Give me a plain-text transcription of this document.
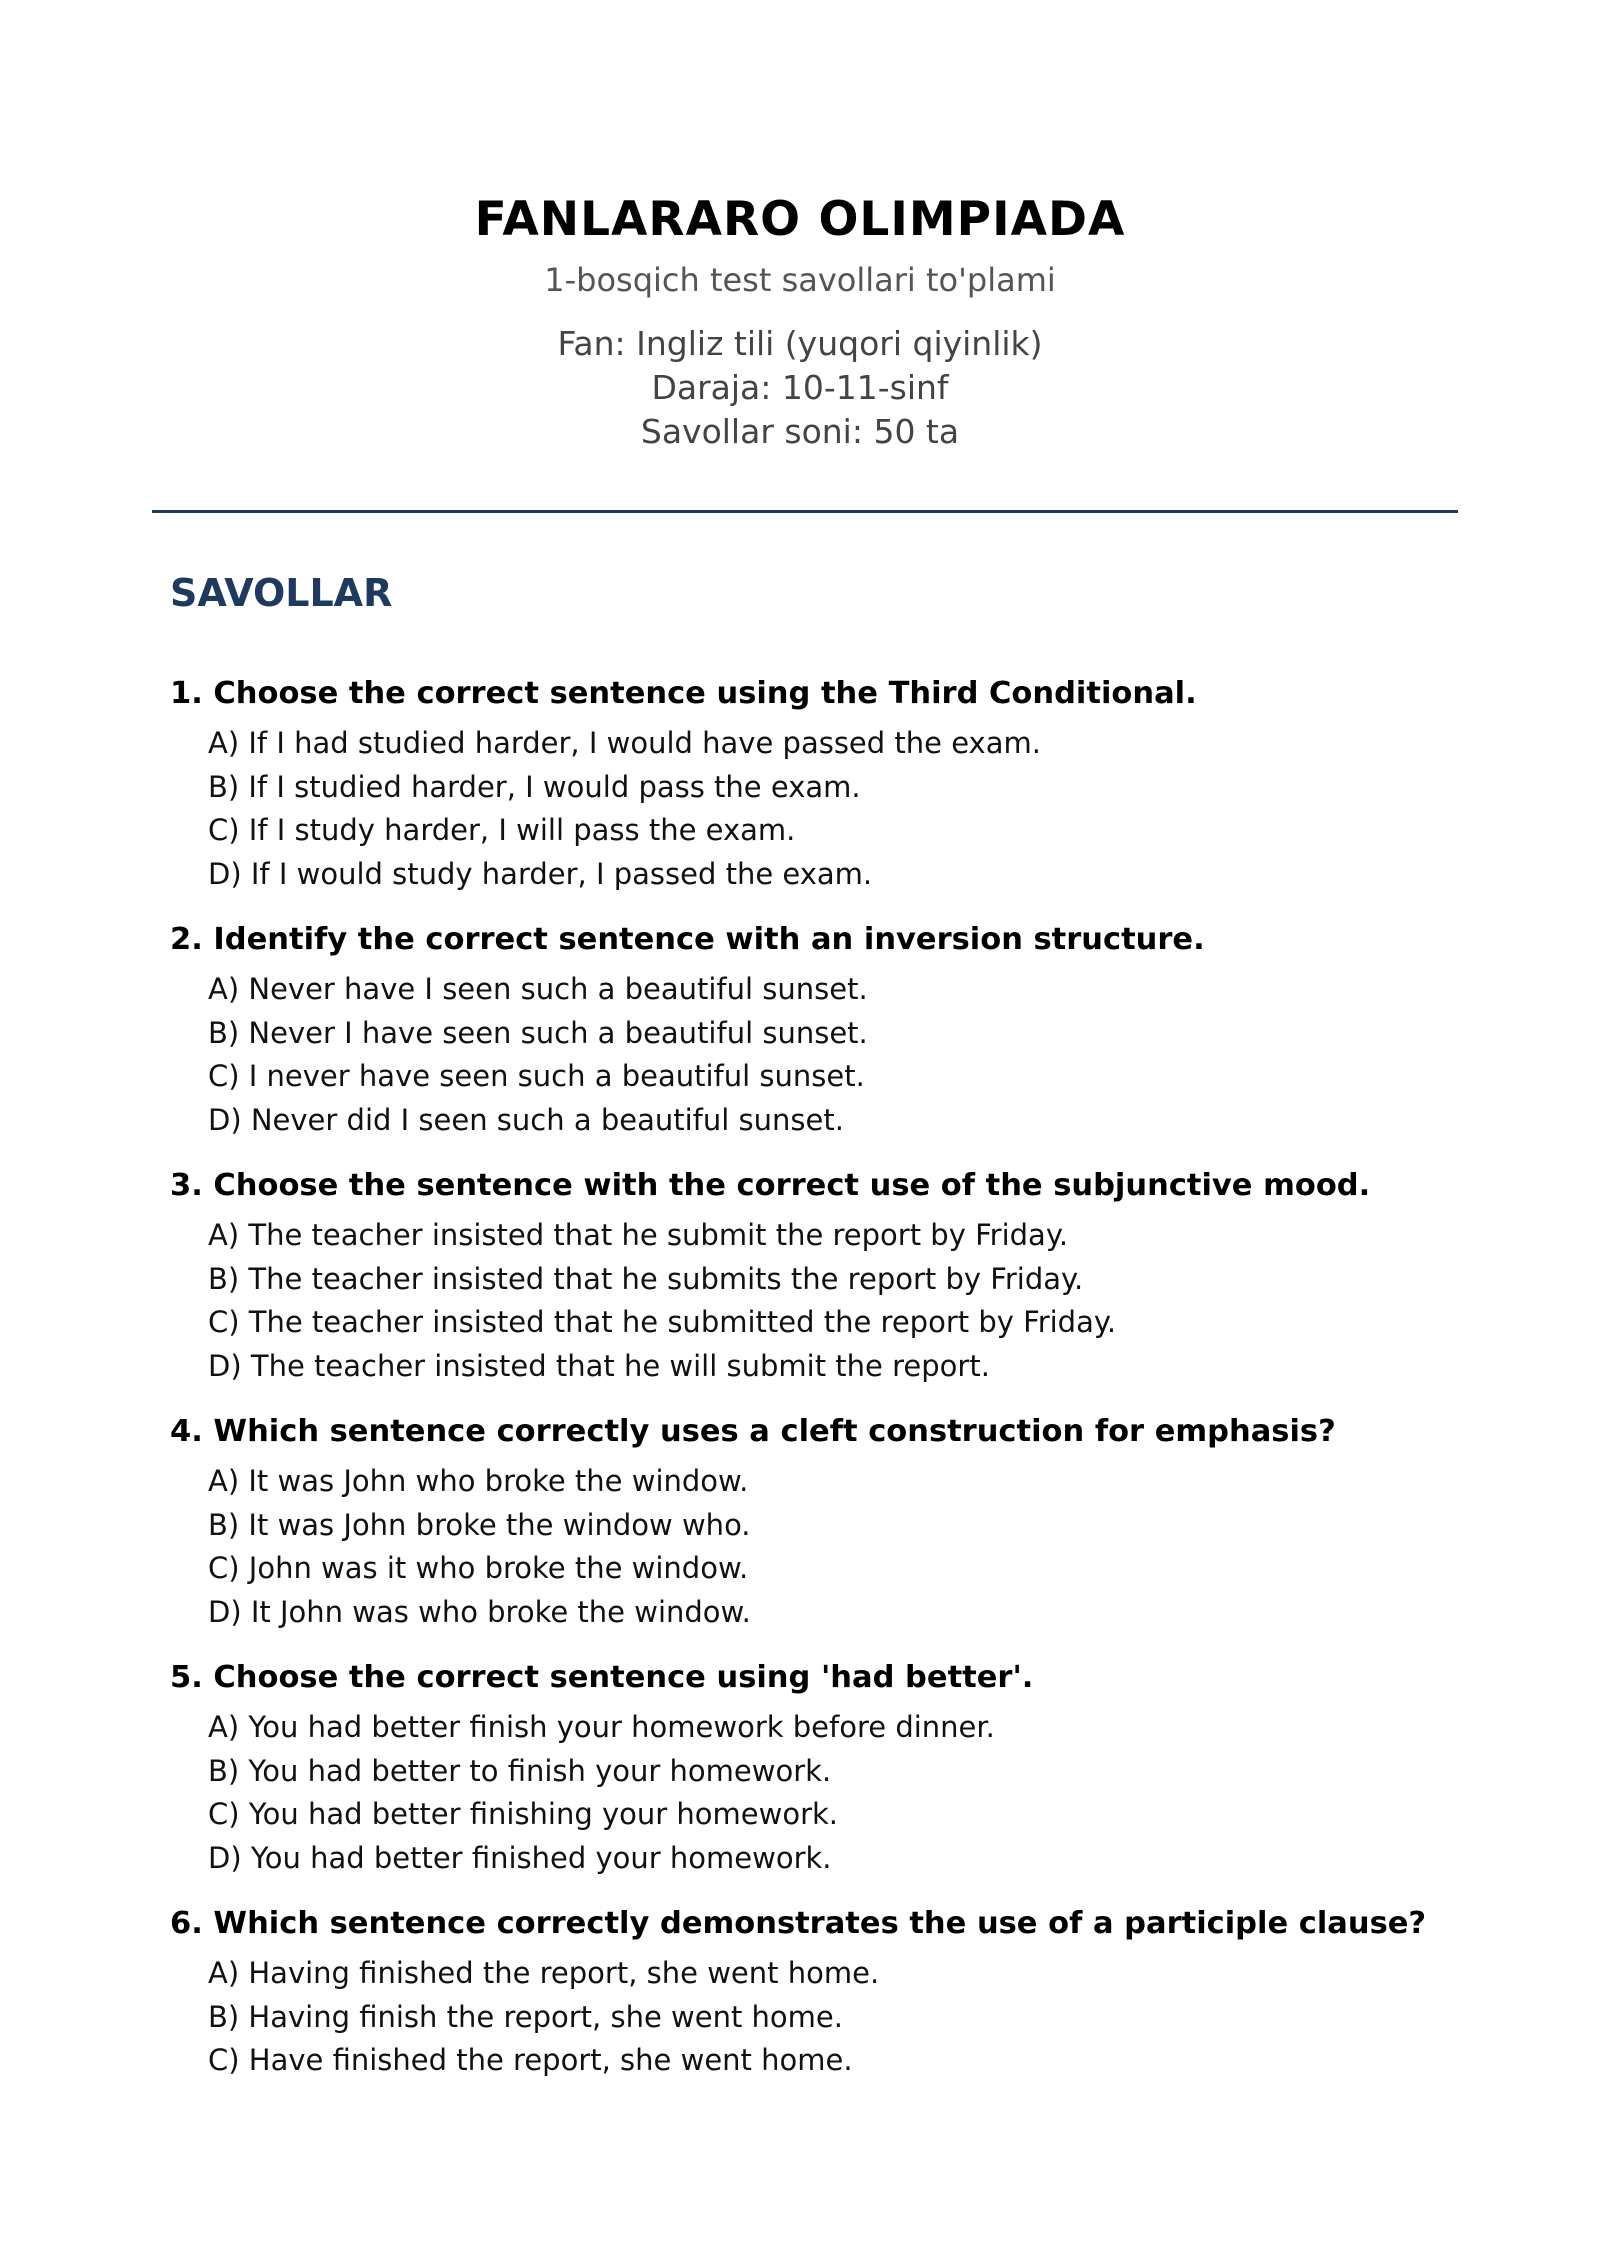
FANLARARO OLIMPIADA
1-bosqich test savollari to'plami
Fan: Ingliz tili (yuqori qiyinlik)
Daraja: 10-11-sinf
Savollar soni: 50 ta
SAVOLLAR
1. Choose the correct sentence using the Third Conditional.
A) If I had studied harder, I would have passed the exam.
B) If I studied harder, I would pass the exam.
C) If I study harder, I will pass the exam.
D) If I would study harder, I passed the exam.
2. Identify the correct sentence with an inversion structure.
A) Never have I seen such a beautiful sunset.
B) Never I have seen such a beautiful sunset.
C) I never have seen such a beautiful sunset.
D) Never did I seen such a beautiful sunset.
3. Choose the sentence with the correct use of the subjunctive mood.
A) The teacher insisted that he submit the report by Friday.
B) The teacher insisted that he submits the report by Friday.
C) The teacher insisted that he submitted the report by Friday.
D) The teacher insisted that he will submit the report.
4. Which sentence correctly uses a cleft construction for emphasis?
A) It was John who broke the window.
B) It was John broke the window who.
C) John was it who broke the window.
D) It John was who broke the window.
5. Choose the correct sentence using 'had better'.
A) You had better finish your homework before dinner.
B) You had better to finish your homework.
C) You had better finishing your homework.
D) You had better finished your homework.
6. Which sentence correctly demonstrates the use of a participle clause?
A) Having finished the report, she went home.
B) Having finish the report, she went home.
C) Have finished the report, she went home.
